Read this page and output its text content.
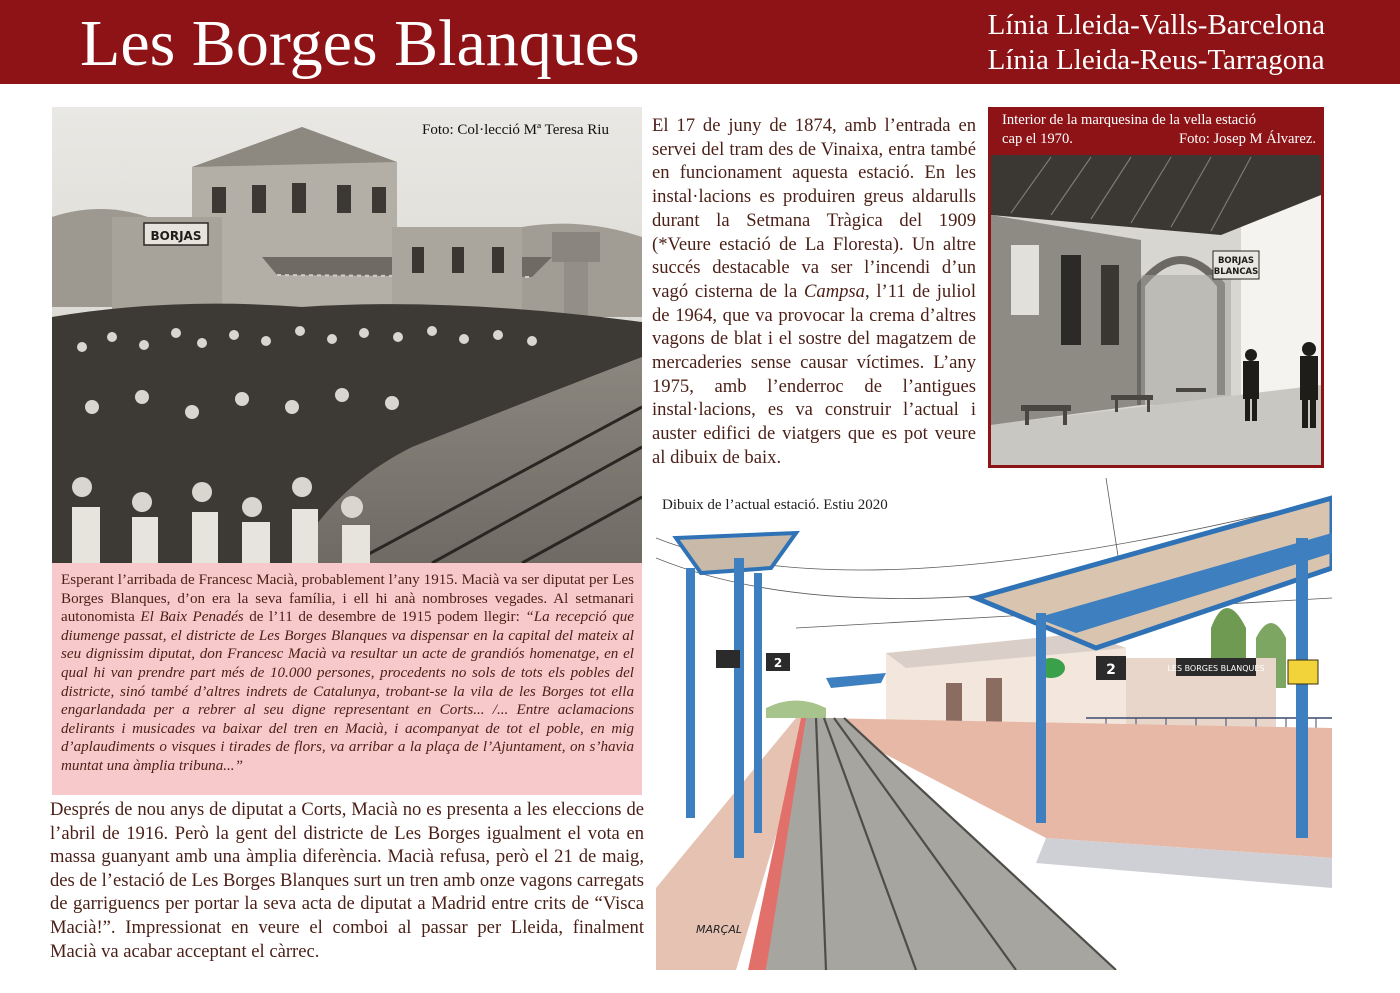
Les Borges Blanques	Línia Lleida-Valls-Barcelona
Línia Lleida-Reus-Tarragona
BORJAS
Foto: Col·lecció Mª Teresa Riu
Esperant l’arribada de Francesc Macià, probablement l’any 1915. Macià va ser diputat per Les Borges Blanques, d’on era la seva família, i ell hi anà nombroses vegades. Al setmanari autonomista El Baix Penadés de l’11 de desembre de 1915 podem llegir: “La recepció que diumenge passat, el districte de Les Borges Blanques va dispensar en la capital del mateix al seu dignissim diputat, don Francesc Macià va resultar un acte de grandiós homenatge, en el qual hi van prendre part més de 10.000 persones, procedents no sols de tots els pobles del districte, sinó també d’altres indrets de Catalunya, trobant-se la vila de les Borges tot ella engarlandada per a rebrer al seu digne representant en Corts... /... Entre aclamacions delirants i musicades va baixar del tren en Macià, i acompanyat de tot el poble, en mig d’aplaudiments o visques i tirades de flors, va arribar a la plaça de l’Ajuntament, on s’havia muntat una àmplia tribuna...”
Després de nou anys de diputat a Corts, Macià no es presenta a les eleccions de l’abril de 1916. Però la gent del districte de Les Borges igualment el vota en massa guanyant amb una àmplia diferència. Macià refusa, però el 21 de maig, des de l’estació de Les Borges Blanques surt un tren amb onze vagons carregats de garriguencs per portar la seva acta de diputat a Madrid entre crits de “Visca Macià!”. Impressionat en veure el comboi al passar per Lleida, finalment Macià va acabar acceptant el càrrec.
El 17 de juny de 1874, amb l’entrada en servei del tram des de Vinaixa, entra també en funcionament aquesta estació. En les instal·lacions es produiren greus aldarulls durant la Setmana Tràgica del 1909 (*Veure estació de La Floresta). Un altre succés destacable va ser l’incendi d’un vagó cisterna de la Campsa, l’11 de juliol de 1964, que va provocar la crema d’altres vagons de blat i el sostre del magatzem de mercaderies sense causar víctimes. L’any 1975, amb l’enderroc de l’antigues instal·lacions, es va construir l’actual i auster edifici de viatgers que es pot veure al dibuix de baix.
Interior de la marquesina de la vella estació
cap el 1970.	Foto: Josep M Álvarez.
BORJAS
BLANCAS
2	2	LES BORGES BLANQUES
MARÇAL
Dibuix de l’actual estació. Estiu 2020
